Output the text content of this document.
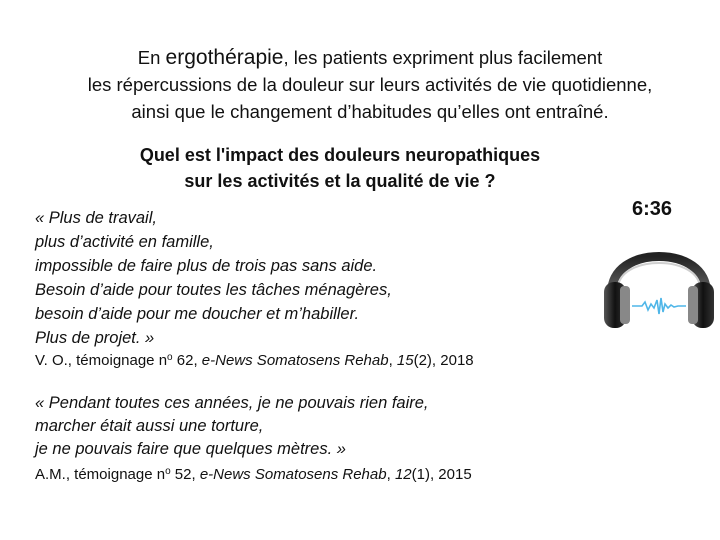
En ergothérapie, les patients expriment plus facilement
les répercussions de la douleur sur leurs activités de vie quotidienne,
ainsi que le changement d’habitudes qu’elles ont entraîné.
Quel est l'impact des douleurs neuropathiques
sur les activités et la qualité de vie ?
« Plus de travail,
plus d’activité en famille,
impossible de faire plus de trois pas sans aide.
Besoin d’aide pour toutes les tâches ménagères,
besoin d’aide pour me doucher et m’habiller.
Plus de projet. »
V. O., témoignage $n^o$ 62, e-News Somatosens Rehab, 15(2), 2018
« Pendant toutes ces années, je ne pouvais rien faire,
marcher était aussi une torture,
je ne pouvais faire que quelques mètres. »
A.M., témoignage $n^o$ 52, e-News Somatosens Rehab, 12(1), 2015
6:36
